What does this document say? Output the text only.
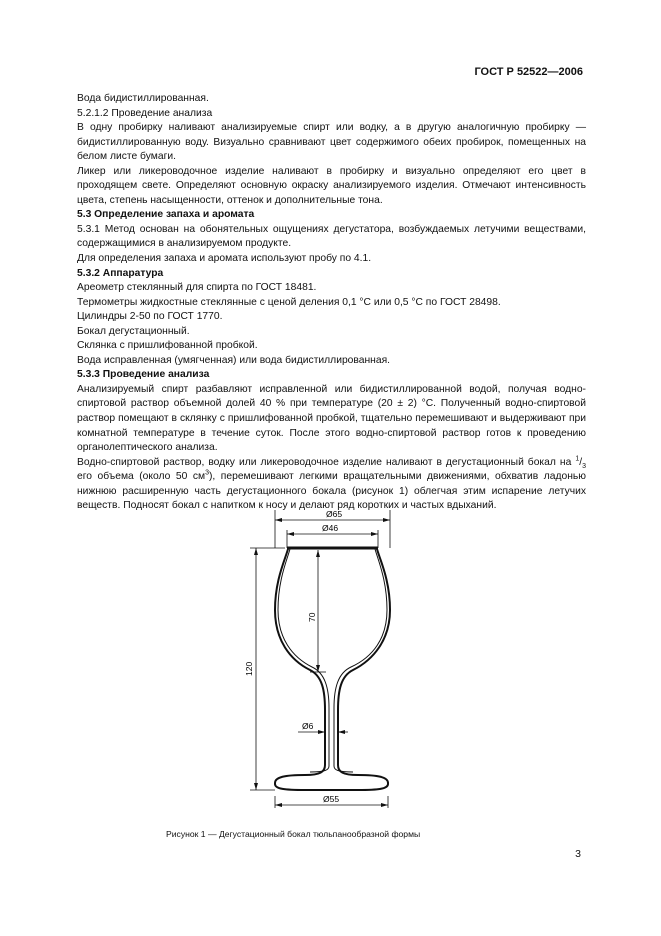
ГОСТ Р 52522—2006

Вода бидистиллированная.

5.2.1.2 Проведение анализа

В одну пробирку наливают анализируемые спирт или водку, а в другую аналогичную пробирку — бидистиллированную воду. Визуально сравнивают цвет содержимого обеих пробирок, помещенных на белом листе бумаги.

Ликер или ликероводочное изделие наливают в пробирку и визуально определяют его цвет в проходящем свете. Определяют основную окраску анализируемого изделия. Отмечают интенсивность цвета, степень насыщенности, оттенок и дополнительные тона.

5.3 Определение запаха и аромата

5.3.1 Метод основан на обонятельных ощущениях дегустатора, возбуждаемых летучими веществами, содержащимися в анализируемом продукте.

Для определения запаха и аромата используют пробу по 4.1.

5.3.2 Аппаратура

Ареометр стеклянный для спирта по ГОСТ 18481.

Термометры жидкостные стеклянные с ценой деления 0,1 °С или 0,5 °С по ГОСТ 28498.

Цилиндры 2-50 по ГОСТ 1770.

Бокал дегустационный.

Склянка с пришлифованной пробкой.

Вода исправленная (умягченная) или вода бидистиллированная.

5.3.3 Проведение анализа

Анализируемый спирт разбавляют исправленной или бидистиллированной водой, получая водно-спиртовой раствор объемной долей 40 % при температуре (20 ± 2) °С. Полученный водно-спиртовой раствор помещают в склянку с пришлифованной пробкой, тщательно перемешивают и выдерживают при комнатной температуре в течение суток. После этого водно-спиртовой раствор готов к проведению органолептического анализа.

Водно-спиртовой раствор, водку или ликероводочное изделие наливают в дегустационный бокал на $^1/_3$ его объема (около 50 $см^3$), перемешивают легкими вращательными движениями, обхватив ладонью нижнюю расширенную часть дегустационного бокала (рисунок 1) облегчая этим испарение летучих веществ. Подносят бокал с напитком к носу и делают ряд коротких и частых вдыханий.

Ø65
Ø46
70
120
Ø6
Ø55
Рисунок 1 — Дегустационный бокал тюльпанообразной формы
3
